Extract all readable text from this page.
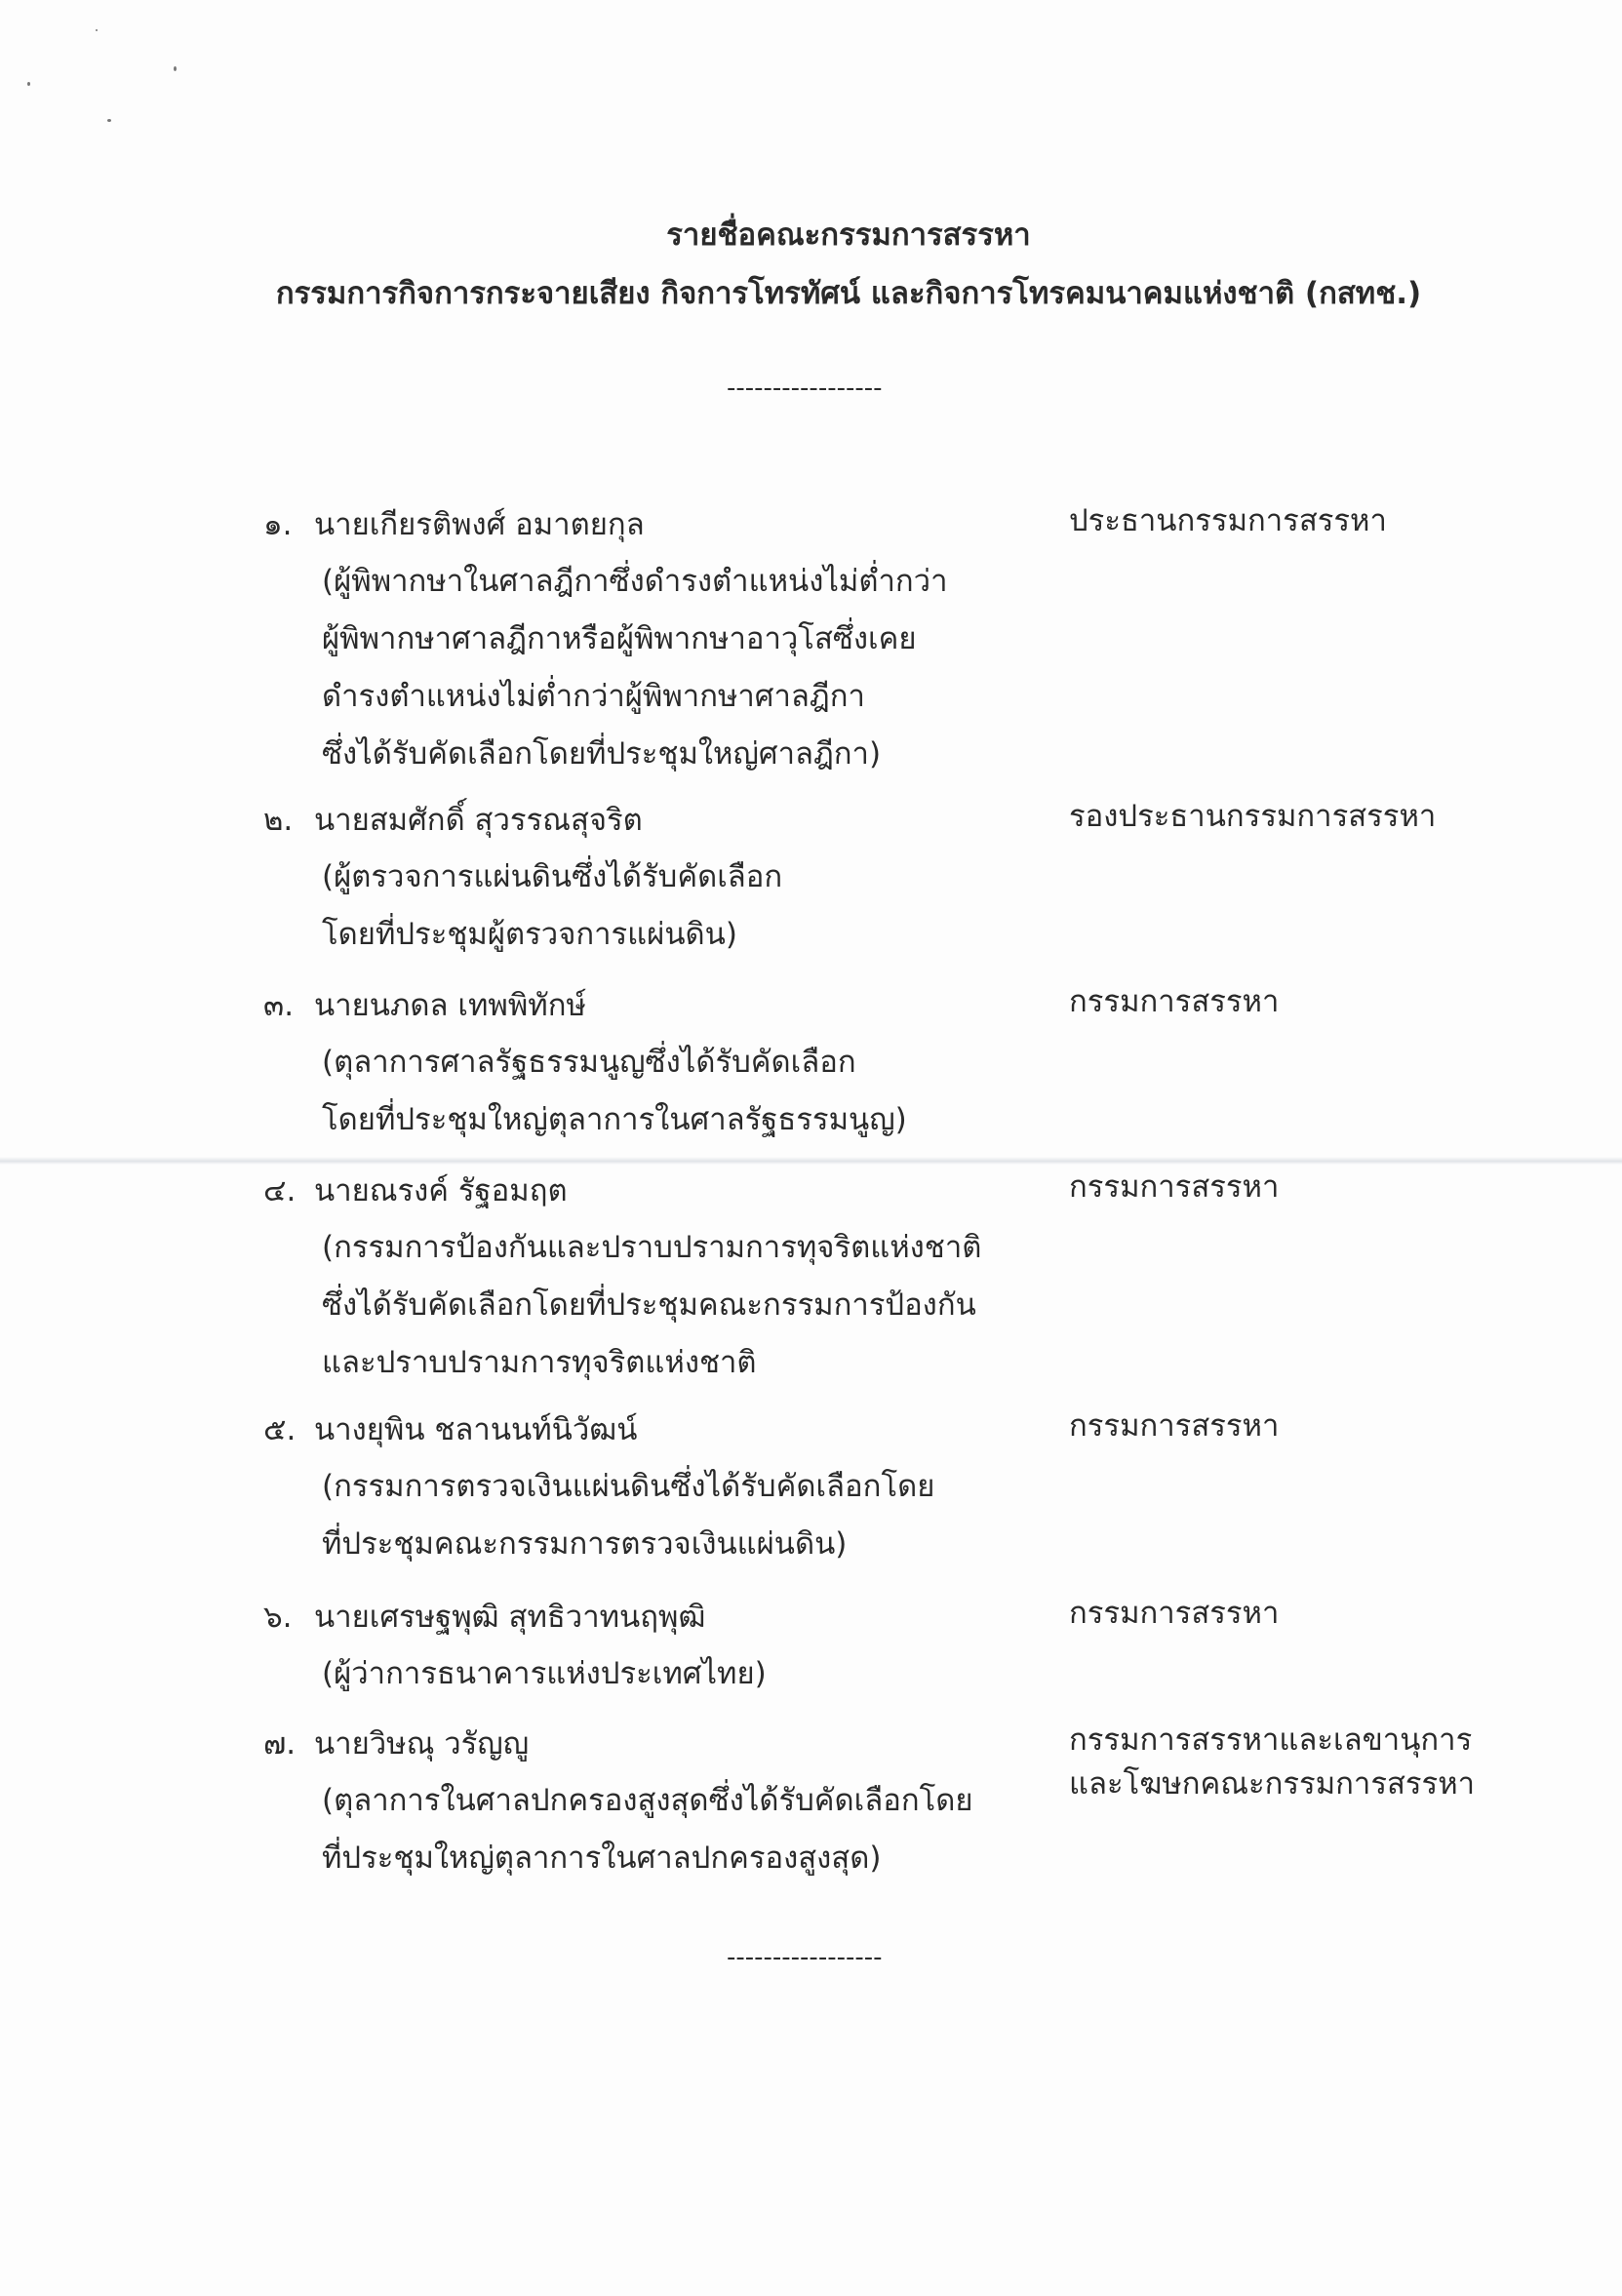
รายชื่อคณะกรรมการสรรหา
กรรมการกิจการกระจายเสียง กิจการโทรทัศน์ และกิจการโทรคมนาคมแห่งชาติ (กสทช.)
-----------------
๑. นายเกียรติพงศ์ อมาตยกุล
(ผู้พิพากษาในศาลฎีกาซึ่งดำรงตำแหน่งไม่ต่ำกว่า
ผู้พิพากษาศาลฎีกาหรือผู้พิพากษาอาวุโสซึ่งเคย
ดำรงตำแหน่งไม่ต่ำกว่าผู้พิพากษาศาลฎีกา
ซึ่งได้รับคัดเลือกโดยที่ประชุมใหญ่ศาลฎีกา)
ประธานกรรมการสรรหา
๒. นายสมศักดิ์ สุวรรณสุจริต
(ผู้ตรวจการแผ่นดินซึ่งได้รับคัดเลือก
โดยที่ประชุมผู้ตรวจการแผ่นดิน)
รองประธานกรรมการสรรหา
๓. นายนภดล เทพพิทักษ์
(ตุลาการศาลรัฐธรรมนูญซึ่งได้รับคัดเลือก
โดยที่ประชุมใหญ่ตุลาการในศาลรัฐธรรมนูญ)
กรรมการสรรหา
๔. นายณรงค์ รัฐอมฤต
(กรรมการป้องกันและปราบปรามการทุจริตแห่งชาติ
ซึ่งได้รับคัดเลือกโดยที่ประชุมคณะกรรมการป้องกัน
และปราบปรามการทุจริตแห่งชาติ
กรรมการสรรหา
๕. นางยุพิน ชลานนท์นิวัฒน์
(กรรมการตรวจเงินแผ่นดินซึ่งได้รับคัดเลือกโดย
ที่ประชุมคณะกรรมการตรวจเงินแผ่นดิน)
กรรมการสรรหา
๖. นายเศรษฐพุฒิ สุทธิวาทนฤพุฒิ
(ผู้ว่าการธนาคารแห่งประเทศไทย)
กรรมการสรรหา
๗. นายวิษณุ วรัญญู
(ตุลาการในศาลปกครองสูงสุดซึ่งได้รับคัดเลือกโดย
ที่ประชุมใหญ่ตุลาการในศาลปกครองสูงสุด)
กรรมการสรรหาและเลขานุการ
และโฆษกคณะกรรมการสรรหา
-----------------
